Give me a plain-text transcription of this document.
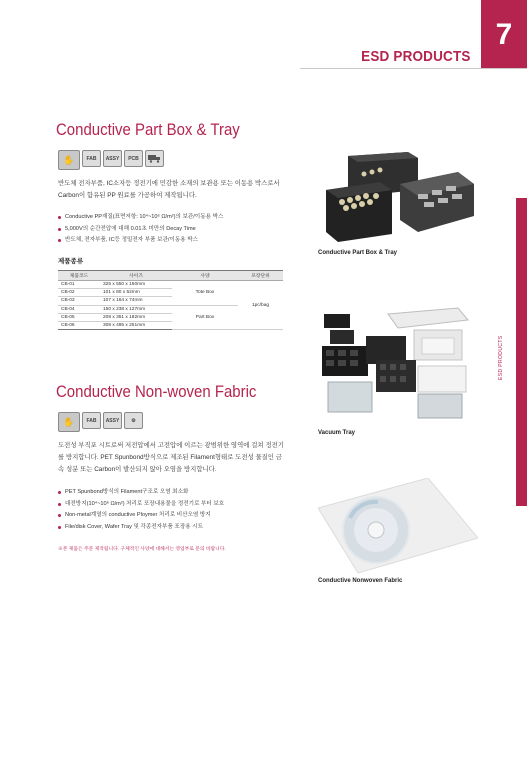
7
ESD PRODUCTS
ESD PRODUCTS
Conductive Part Box & Tray
✋	FAB	ASSY	PCB
반도체 전자부품, IC소자등 정전기에 민감한 소재의 보관용 또는 이동용 박스로서 Carbon이 함유된 PP 원료를 가공하여 제작됩니다.
Conductive PP재질(표면저항: 10⁴~10⁶ Ω/m²)의 보관/이동용 박스
5,000V의 순간전압에 대해 0.01초 미만의 Decay Time
반도체, 전자부품, IC등 정밀전자 부품 보관/이동용 박스
제품종류
제품코드	사이즈	사양	포장단위
CB-01	325 x 550 x 150mm	Tote Box	1pc/bag
CB-02	101 x 80 x 52mm		
CB-03	107 x 164 x 74mm		
CB-04	150 x 238 x 127mm	Part Box	
CB-05	208 x 351 x 182mm		
CB-06	308 x 495 x 251mm		
Conductive Non-woven Fabric
✋	FAB	ASSY	⚙
도전성 부직포 시트로써 저전압에서 고전압에 이르는 광범위한 영역에 걸쳐 정전기를 방지합니다. PET Spunbond방식으로 제조된 Filament형태로 도전성 물질인 금속 성분 또는 Carbon이 발산되지 않아 오염을 방지합니다.
PET Spunbond방식의 Filament구조로 오염 최소화
대전방지(10⁴~10⁶ Ω/m²) 처리로 포장내용물을 정전기로 부터 보호
Non-metal계열의 conductive Ploymer 처리로 비산오염 방지
File/disk Cover, Wafer Tray 및 각종전자부품 포장용 시트
※본 제품은 주문 제작됩니다. 구체적인 사양에 대해서는 영업부로 문의 바랍니다.
Conductive Part Box & Tray
Vacuum Tray
Conductive Nonwoven Fabric
